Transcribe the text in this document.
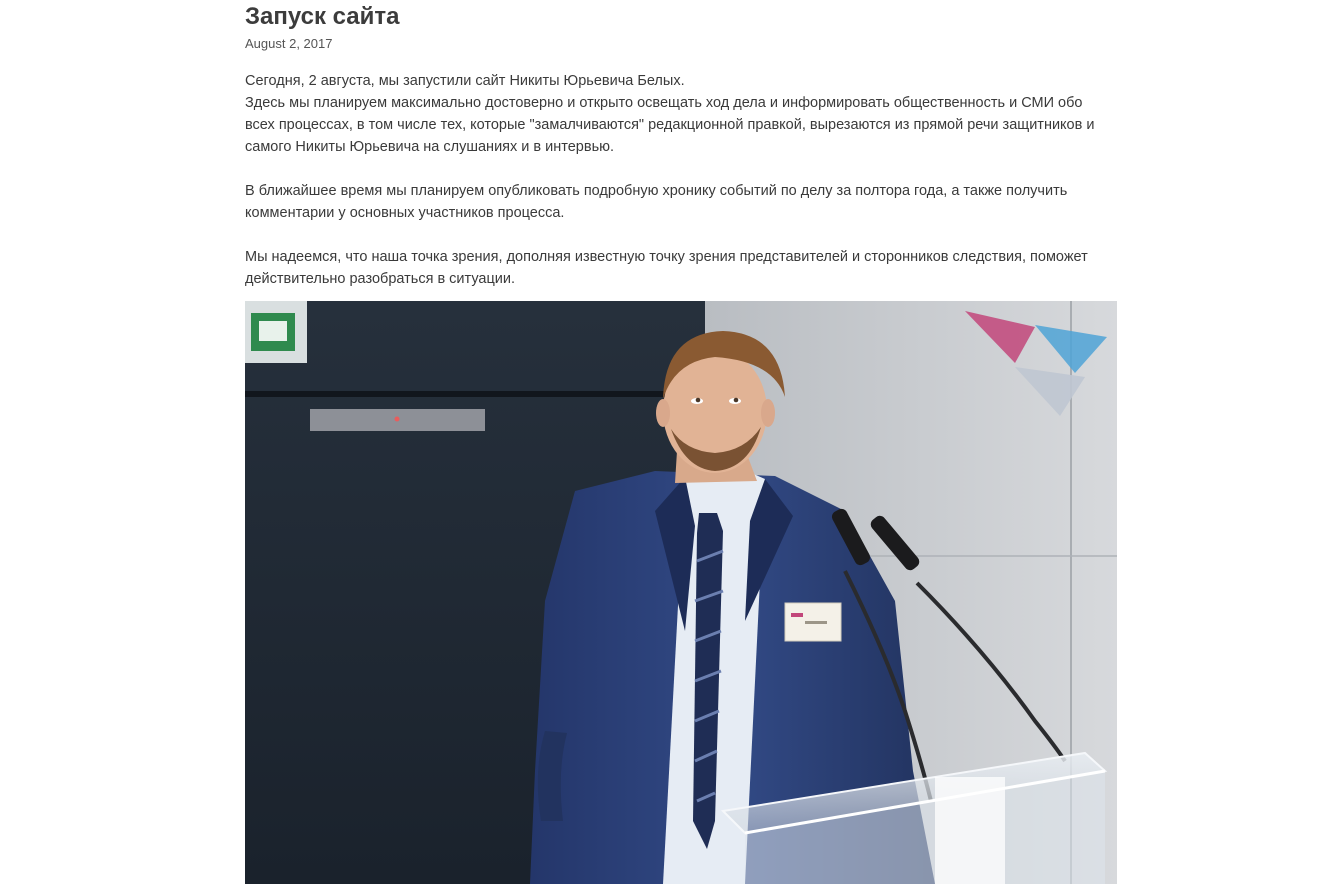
Запуск сайта
August 2, 2017

Сегодня, 2 августа, мы запустили сайт Никиты Юрьевича Белых.
Здесь мы планируем максимально достоверно и открыто освещать ход дела и информировать общественность и СМИ обо
всех процессах, в том числе тех, которые "замалчиваются" редакционной правкой, вырезаются из прямой речи защитников и
самого Никиты Юрьевича на слушаниях и в интервью.

В ближайшее время мы планируем опубликовать подробную хронику событий по делу за полтора года, а также получить
комментарии у основных участников процесса.

Мы надеемся, что наша точка зрения, дополняя известную точку зрения представителей и сторонников следствия, поможет
действительно разобраться в ситуации.
